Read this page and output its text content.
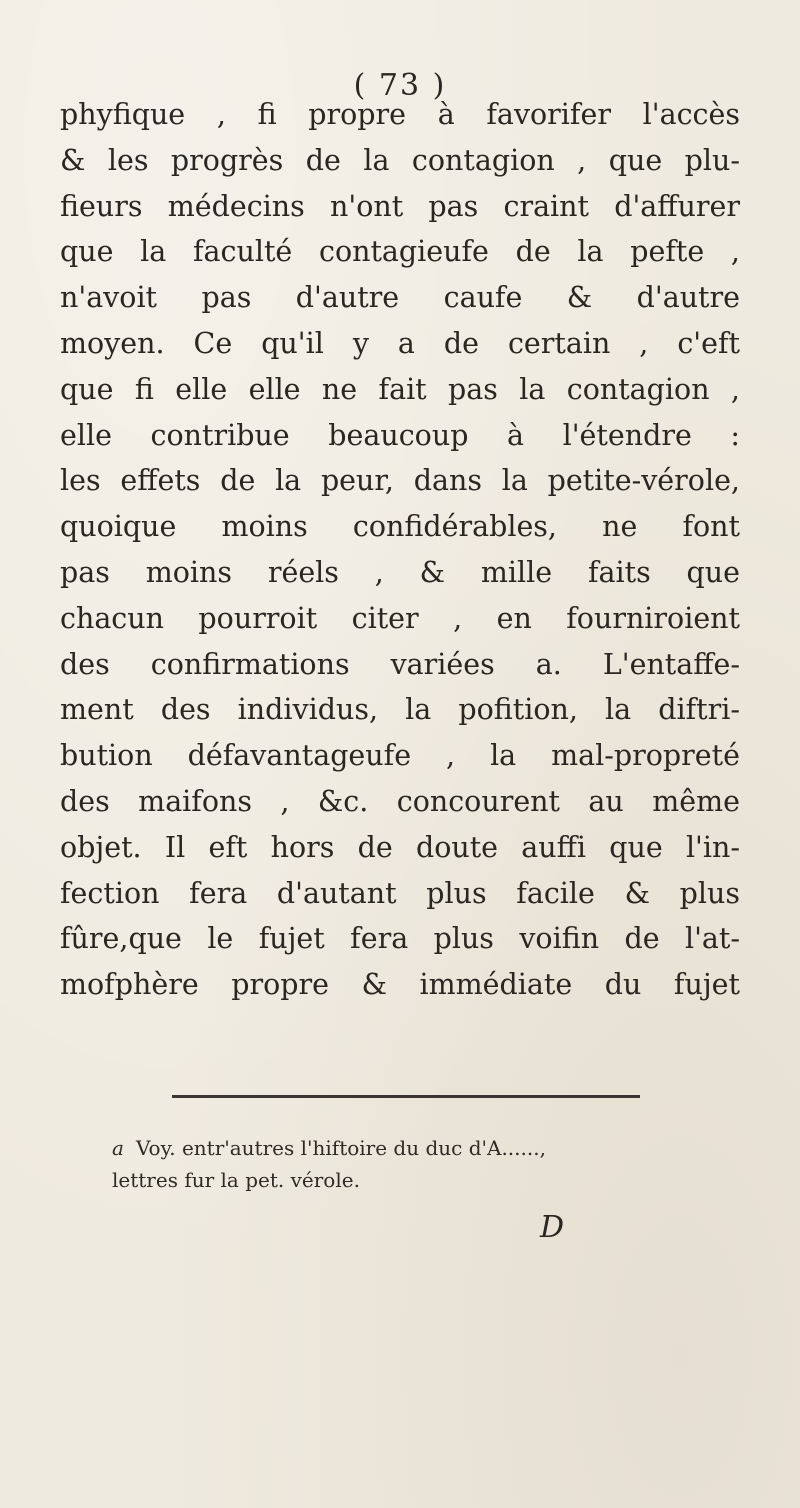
( 73 )
phyfique , fi propre à favorifer l'accès
& les progrès de la contagion , que plu-
fieurs médecins n'ont pas craint d'affurer
que la faculté contagieufe de la pefte ,
n'avoit pas d'autre caufe & d'autre
moyen. Ce qu'il y a de certain , c'eft
que fi elle elle ne fait pas la contagion ,
elle contribue beaucoup à l'étendre :
les effets de la peur, dans la petite-vérole,
quoique moins confidérables, ne font
pas moins réels , & mille faits que
chacun pourroit citer , en fourniroient
des confirmations variées a. L'entaffe-
ment des individus, la pofition, la diftri-
bution défavantageufe , la mal-propreté
des maifons , &c. concourent au même
objet. Il eft hors de doute auffi que l'in-
fection fera d'autant plus facile & plus
fûre,que le fujet fera plus voifin de l'at-
mofphère propre & immédiate du fujet
a Voy. entr'autres l'hiftoire du duc d'A......,
lettres fur la pet. vérole.
D
